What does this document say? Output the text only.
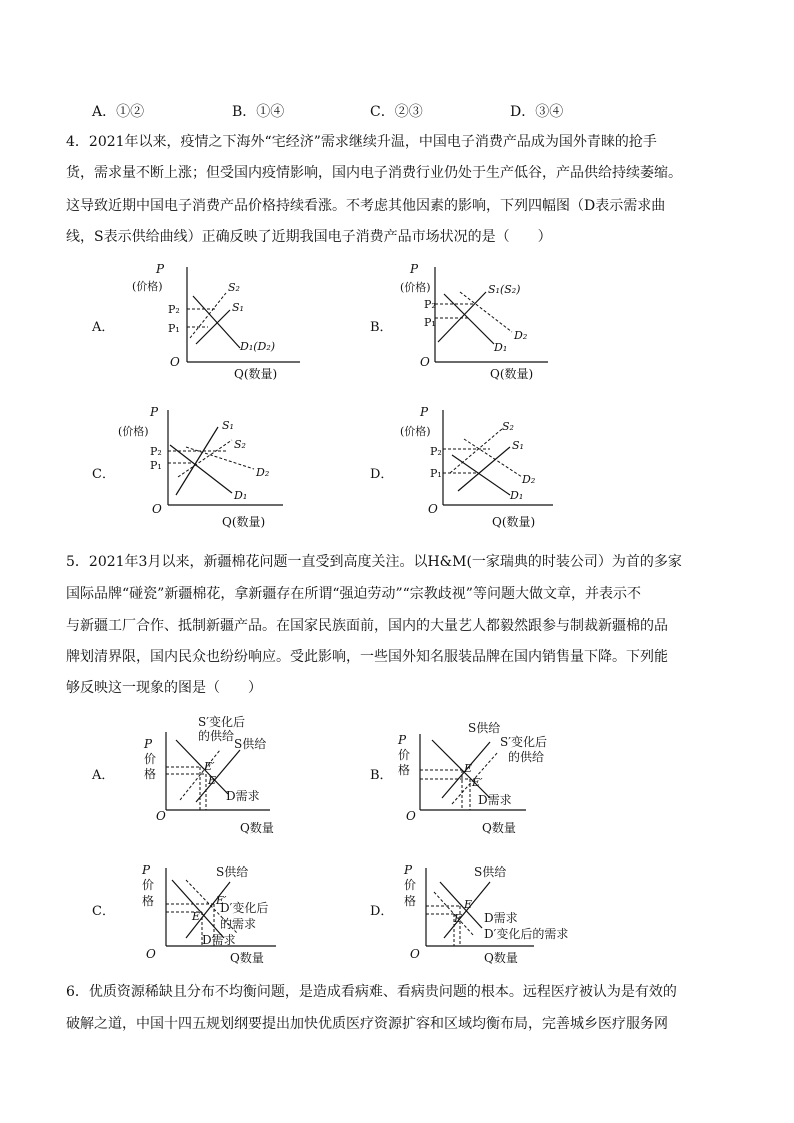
A．①②	B．①④	C．②③	D．③④
4．2021年以来，疫情之下海外“宅经济”需求继续升温，中国电子消费产品成为国外青睐的抢手
货，需求量不断上涨；但受国内疫情影响，国内电子消费行业仍处于生产低谷，产品供给持续萎缩。
这导致近期中国电子消费产品价格持续看涨。不考虑其他因素的影响，下列四幅图（D表示需求曲
线，S表示供给曲线）正确反映了近期我国电子消费产品市场状况的是（　　）
A．	B．
C．	D．
P
(价格)
P₂
P₁
S₂
S₁
D₁(D₂)
O
Q(数量)
P
(价格)
P₂
P₁
S₁(S₂)
D₂
D₁
O
Q(数量)
P
(价格)
P₂
P₁
S₁
S₂
D₂
D₁
O
Q(数量)
P
(价格)
P₂
P₁
S₂
S₁
D₂
D₁
O
Q(数量)
5．2021年3月以来，新疆棉花问题一直受到高度关注。以H&M(一家瑞典的时装公司）为首的多家
国际品牌“碰瓷”新疆棉花，拿新疆存在所谓“强迫劳动”“宗教歧视”等问题大做文章，并表示不
与新疆工厂合作、抵制新疆产品。在国家民族面前，国内的大量艺人都毅然跟参与制裁新疆棉的品
牌划清界限，国内民众也纷纷响应。受此影响，一些国外知名服装品牌在国内销售量下降。下列能
够反映这一现象的图是（　　）
A．	B．
C．	D．
P
价
格
S′变化后
的供给
S供给
E′
E
D需求
O
Q数量
P
价
格
S供给
S′变化后
的供给
E
E′
D需求
O
Q数量
P
价
格
S供给
E′
E
D′变化后
的需求
D需求
O	Q数量
P
价
格
S供给
E
E′ D需求
D′变化后的需求
O	Q数量
6．优质资源稀缺且分布不均衡问题，是造成看病难、看病贵问题的根本。远程医疗被认为是有效的
破解之道，中国十四五规划纲要提出加快优质医疗资源扩容和区域均衡布局，完善城乡医疗服务网
